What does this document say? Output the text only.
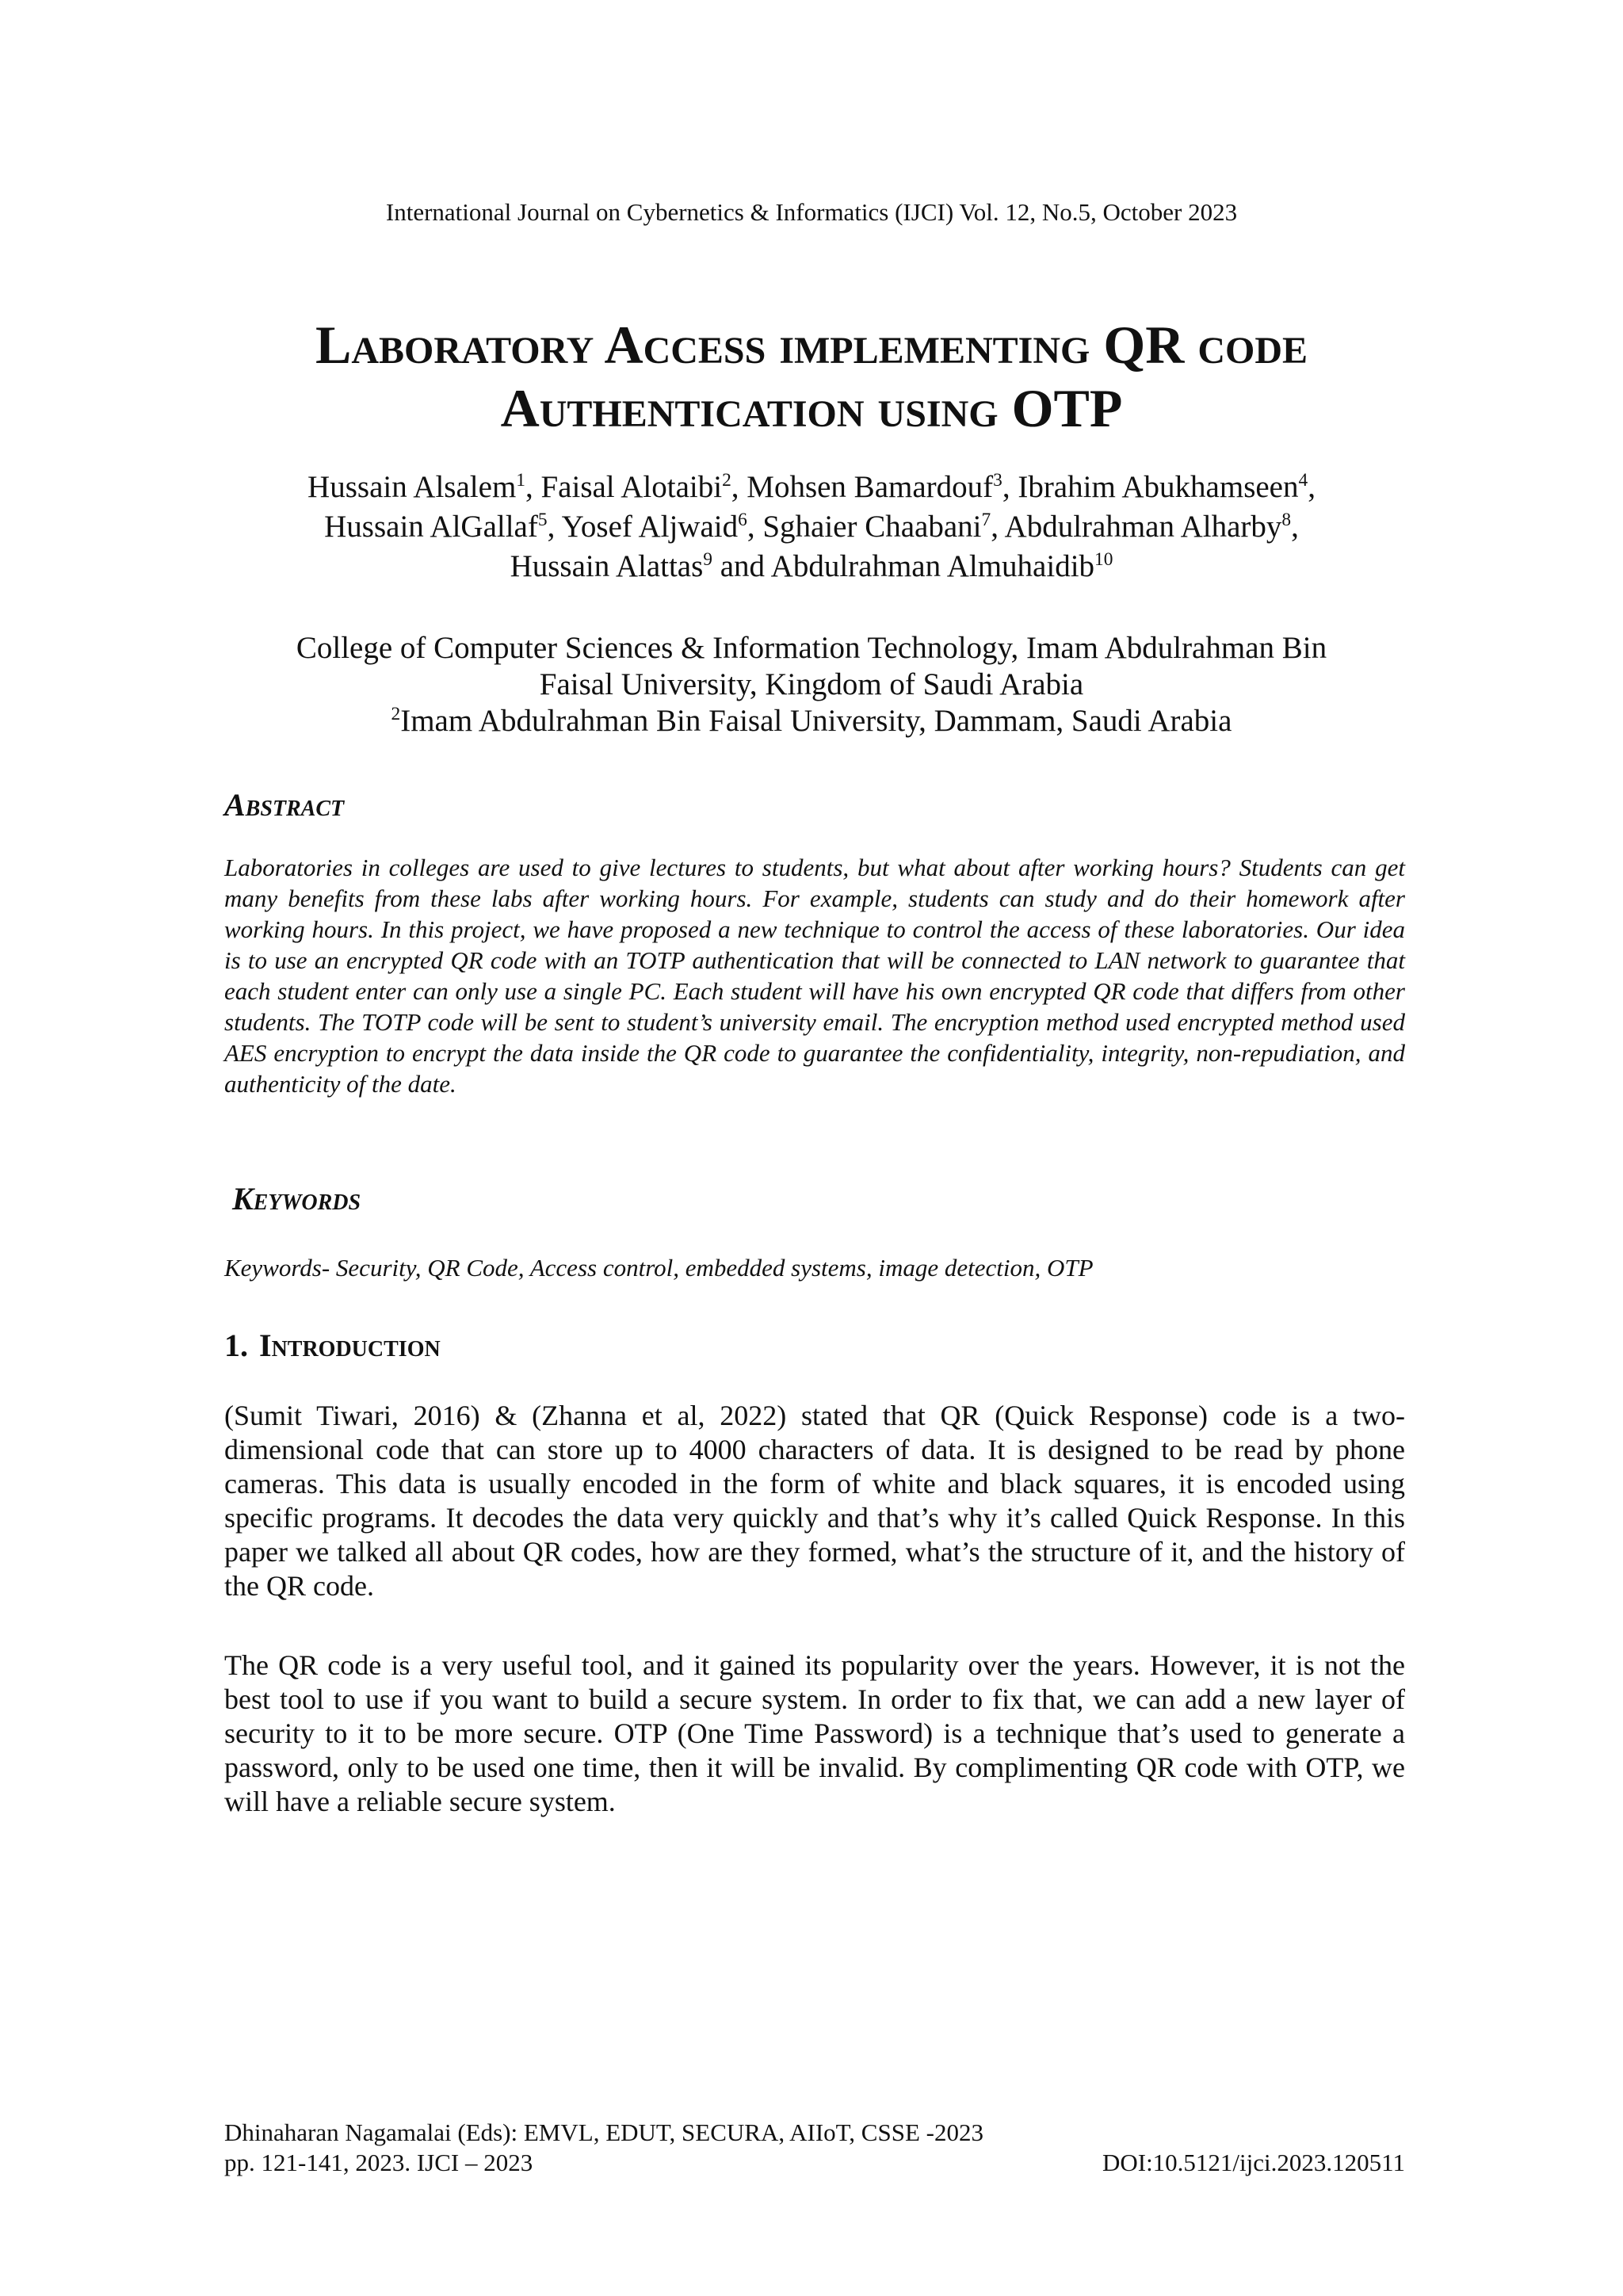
International Journal on Cybernetics & Informatics (IJCI) Vol. 12, No.5, October 2023
Laboratory Access implementing QR code
Authentication using OTP
Hussain Alsalem$^1$, Faisal Alotaibi$^2$, Mohsen Bamardouf$^3$, Ibrahim Abukhamseen$^4$,
Hussain AlGallaf$^5$, Yosef Aljwaid$^6$, Sghaier Chaabani$^7$, Abdulrahman Alharby$^8$,
Hussain Alattas$^9$ and Abdulrahman Almuhaidib$^{10}$
College of Computer Sciences & Information Technology, Imam Abdulrahman Bin
Faisal University, Kingdom of Saudi Arabia
$^2$Imam Abdulrahman Bin Faisal University, Dammam, Saudi Arabia
Abstract
Laboratories in colleges are used to give lectures to students, but what about after working hours? Students can get many benefits from these labs after working hours. For example, students can study and do their homework after working hours. In this project, we have proposed a new technique to control the access of these laboratories. Our idea is to use an encrypted QR code with an TOTP authentication that will be connected to LAN network to guarantee that each student enter can only use a single PC. Each student will have his own encrypted QR code that differs from other students. The TOTP code will be sent to student’s university email. The encryption method used encrypted method used AES encryption to encrypt the data inside the QR code to guarantee the confidentiality, integrity, non-repudiation, and authenticity of the date.
Keywords
Keywords- Security, QR Code, Access control, embedded systems, image detection, OTP
1. Introduction
(Sumit Tiwari, 2016) & (Zhanna et al, 2022) stated that QR (Quick Response) code is a two-dimensional code that can store up to 4000 characters of data. It is designed to be read by phone cameras. This data is usually encoded in the form of white and black squares, it is encoded using specific programs. It decodes the data very quickly and that’s why it’s called Quick Response. In this paper we talked all about QR codes, how are they formed, what’s the structure of it, and the history of the QR code.
The QR code is a very useful tool, and it gained its popularity over the years. However, it is not the best tool to use if you want to build a secure system. In order to fix that, we can add a new layer of security to it to be more secure. OTP (One Time Password) is a technique that’s used to generate a password, only to be used one time, then it will be invalid. By complimenting QR code with OTP, we will have a reliable secure system.
Dhinaharan Nagamalai (Eds): EMVL, EDUT, SECURA, AIIoT, CSSE -2023
pp. 121-141, 2023. IJCI – 2023	DOI:10.5121/ijci.2023.120511
